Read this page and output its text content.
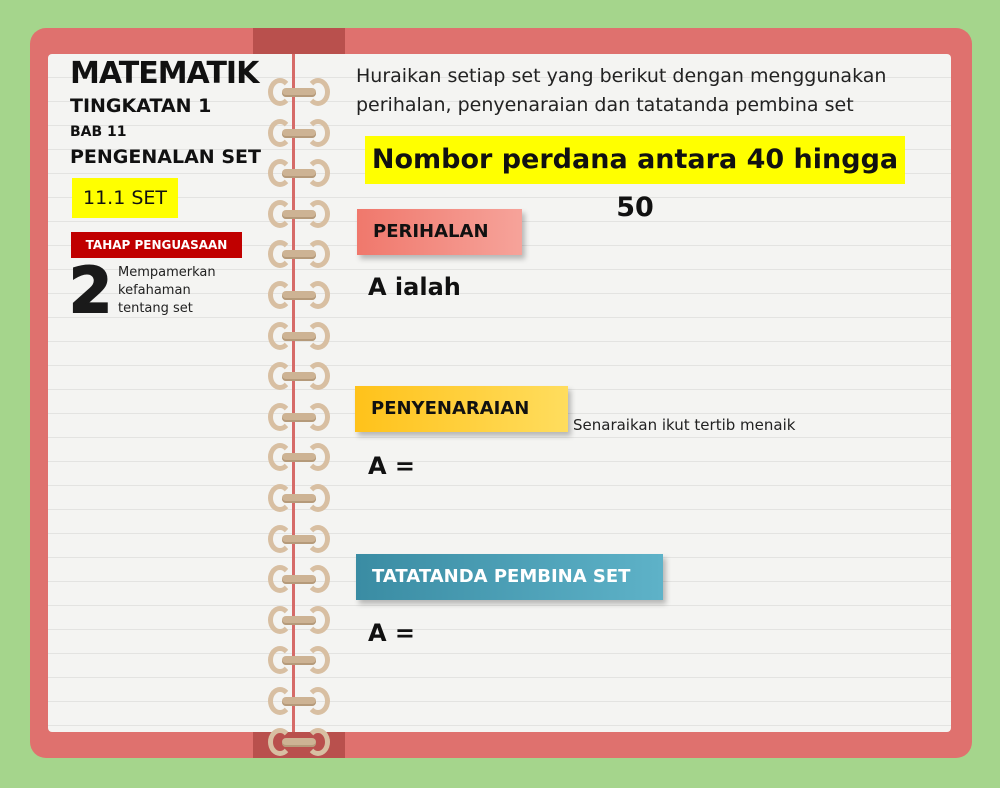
MATEMATIK
TINGKATAN 1
BAB 11
PENGENALAN SET
11.1 SET
TAHAP PENGUASAAN
2 Mempamerkan
kefahaman
tentang set
Huraikan setiap set yang berikut dengan menggunakan perihalan, penyenaraian dan tatatanda pembina set
Nombor perdana antara 40 hingga 50
PERIHALAN
A ialah
PENYENARAIAN
Senaraikan ikut tertib menaik
A =
TATATANDA PEMBINA SET
A =
